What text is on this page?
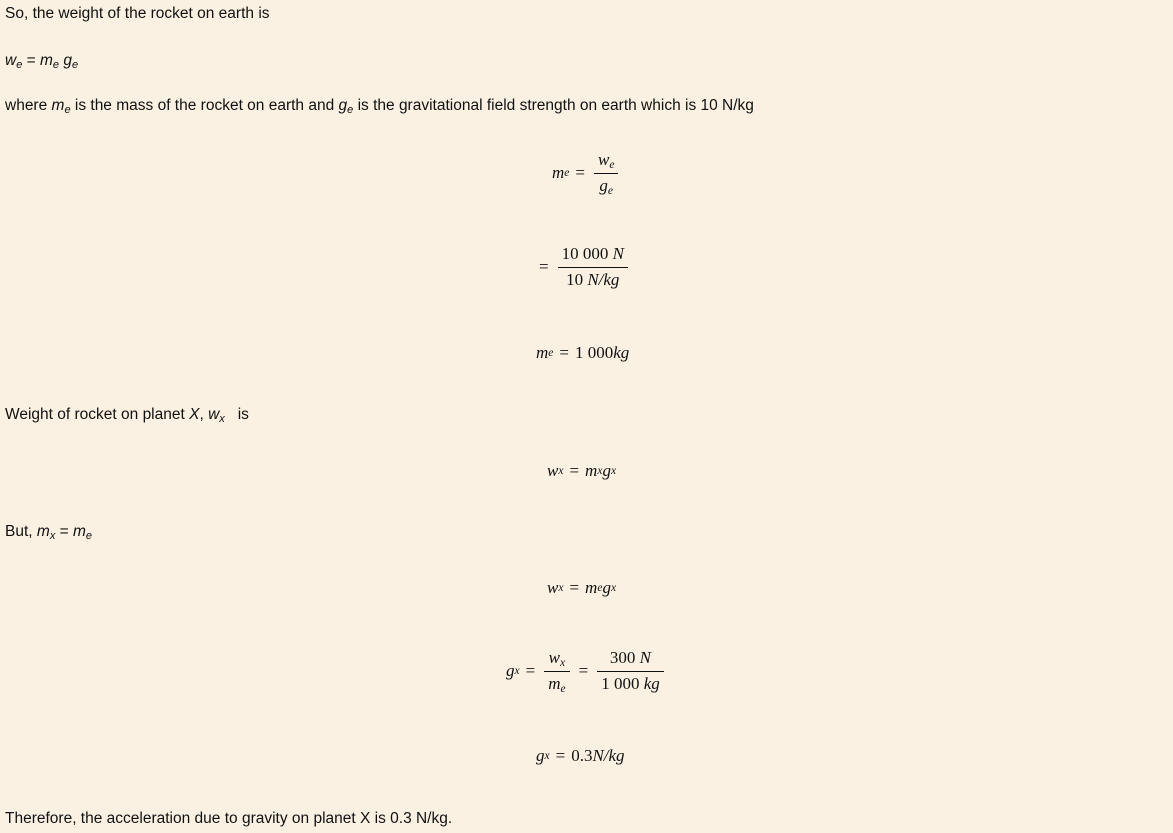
So, the weight of the rocket on earth is
$w_e = m_e$ $g_e$
where $m_e$ is the mass of the rocket on earth and $g_e$ is the gravitational field strength on earth which is 10 N/kg
m $e = \frac{w_e}{g_e}$
= $\frac{10 000 N}{10 N/kg}$
m e = 1 000 kg
Weight of rocket on planet X, $w_x$   is
w x = m x g x
But, $m_x = m_e$
w x = m e g x
g $x = \frac{w_x}{m_e} = \frac{300 N}{1 000 kg}$
g x = 0.3 N/kg
Therefore, the acceleration due to gravity on planet X is 0.3 N/kg.
